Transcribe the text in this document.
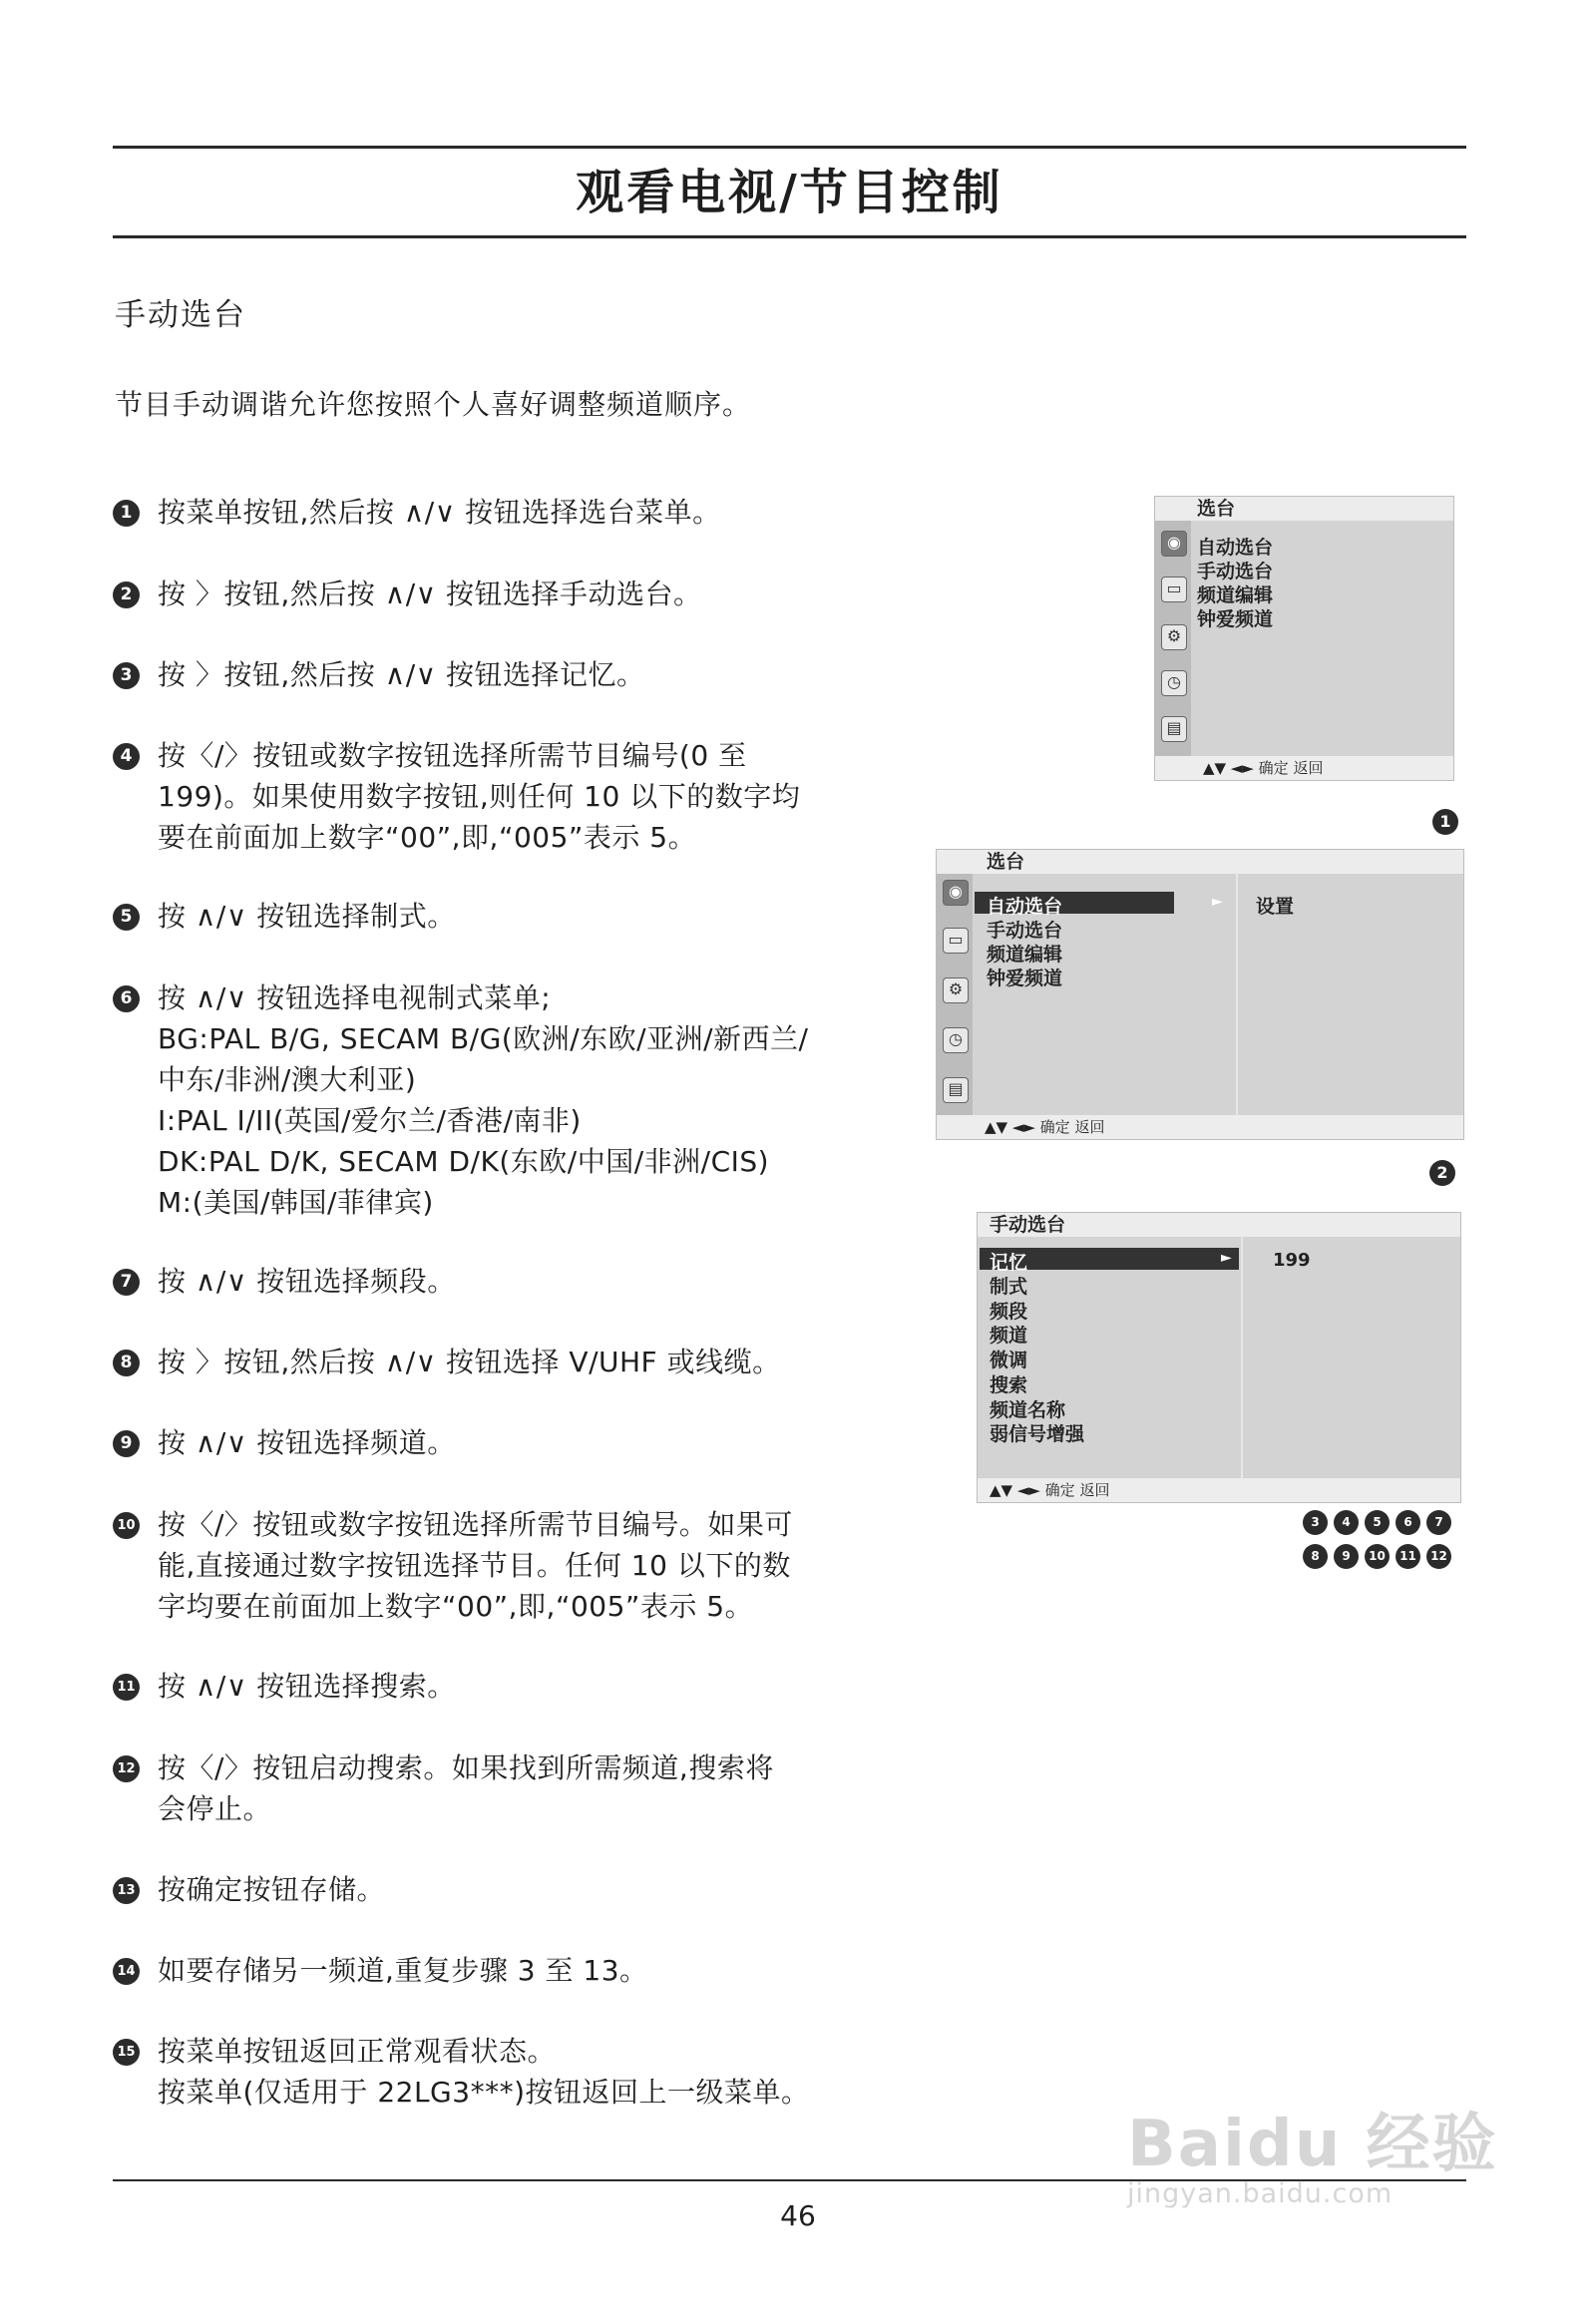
观看电视/节目控制
手动选台
节目手动调谐允许您按照个人喜好调整频道顺序。
1 按菜单按钮,然后按 ∧/∨ 按钮选择选台菜单。
2 按 〉按钮,然后按 ∧/∨ 按钮选择手动选台。
3 按 〉按钮,然后按 ∧/∨ 按钮选择记忆。
4 按〈/〉按钮或数字按钮选择所需节目编号(0 至
199)。如果使用数字按钮,则任何 10 以下的数字均
要在前面加上数字“00”,即,“005”表示 5。
5 按 ∧/∨ 按钮选择制式。
6 按 ∧/∨ 按钮选择电视制式菜单;
BG:PAL B/G, SECAM B/G(欧洲/东欧/亚洲/新西兰/
中东/非洲/澳大利亚)
I:PAL I/II(英国/爱尔兰/香港/南非)
DK:PAL D/K, SECAM D/K(东欧/中国/非洲/CIS)
M:(美国/韩国/菲律宾)
7 按 ∧/∨ 按钮选择频段。
8 按 〉按钮,然后按 ∧/∨ 按钮选择 V/UHF 或线缆。
9 按 ∧/∨ 按钮选择频道。
10 按〈/〉按钮或数字按钮选择所需节目编号。如果可
能,直接通过数字按钮选择节目。任何 10 以下的数
字均要在前面加上数字“00”,即,“005”表示 5。
11 按 ∧/∨ 按钮选择搜索。
12 按〈/〉按钮启动搜索。如果找到所需频道,搜索将
会停止。
13 按确定按钮存储。
14 如要存储另一频道,重复步骤 3 至 13。
15 按菜单按钮返回正常观看状态。
按菜单(仅适用于 22LG3***)按钮返回上一级菜单。
选台
◉
▭
⚙
◷
▤
自动选台
手动选台
频道编辑
钟爱频道
▲▼ ◄► 确定 返回
1
选台
◉
▭
⚙
◷
▤
自动选台	►
手动选台
频道编辑
钟爱频道
设置
▲▼ ◄► 确定 返回
2
手动选台
记忆	►
制式
频段
频道
微调
搜索
频道名称
弱信号增强
199
▲▼ ◄► 确定 返回
3 4 5 6 7
8 9 10 11 12
46
Baidu 经验
jingyan.baidu.com
